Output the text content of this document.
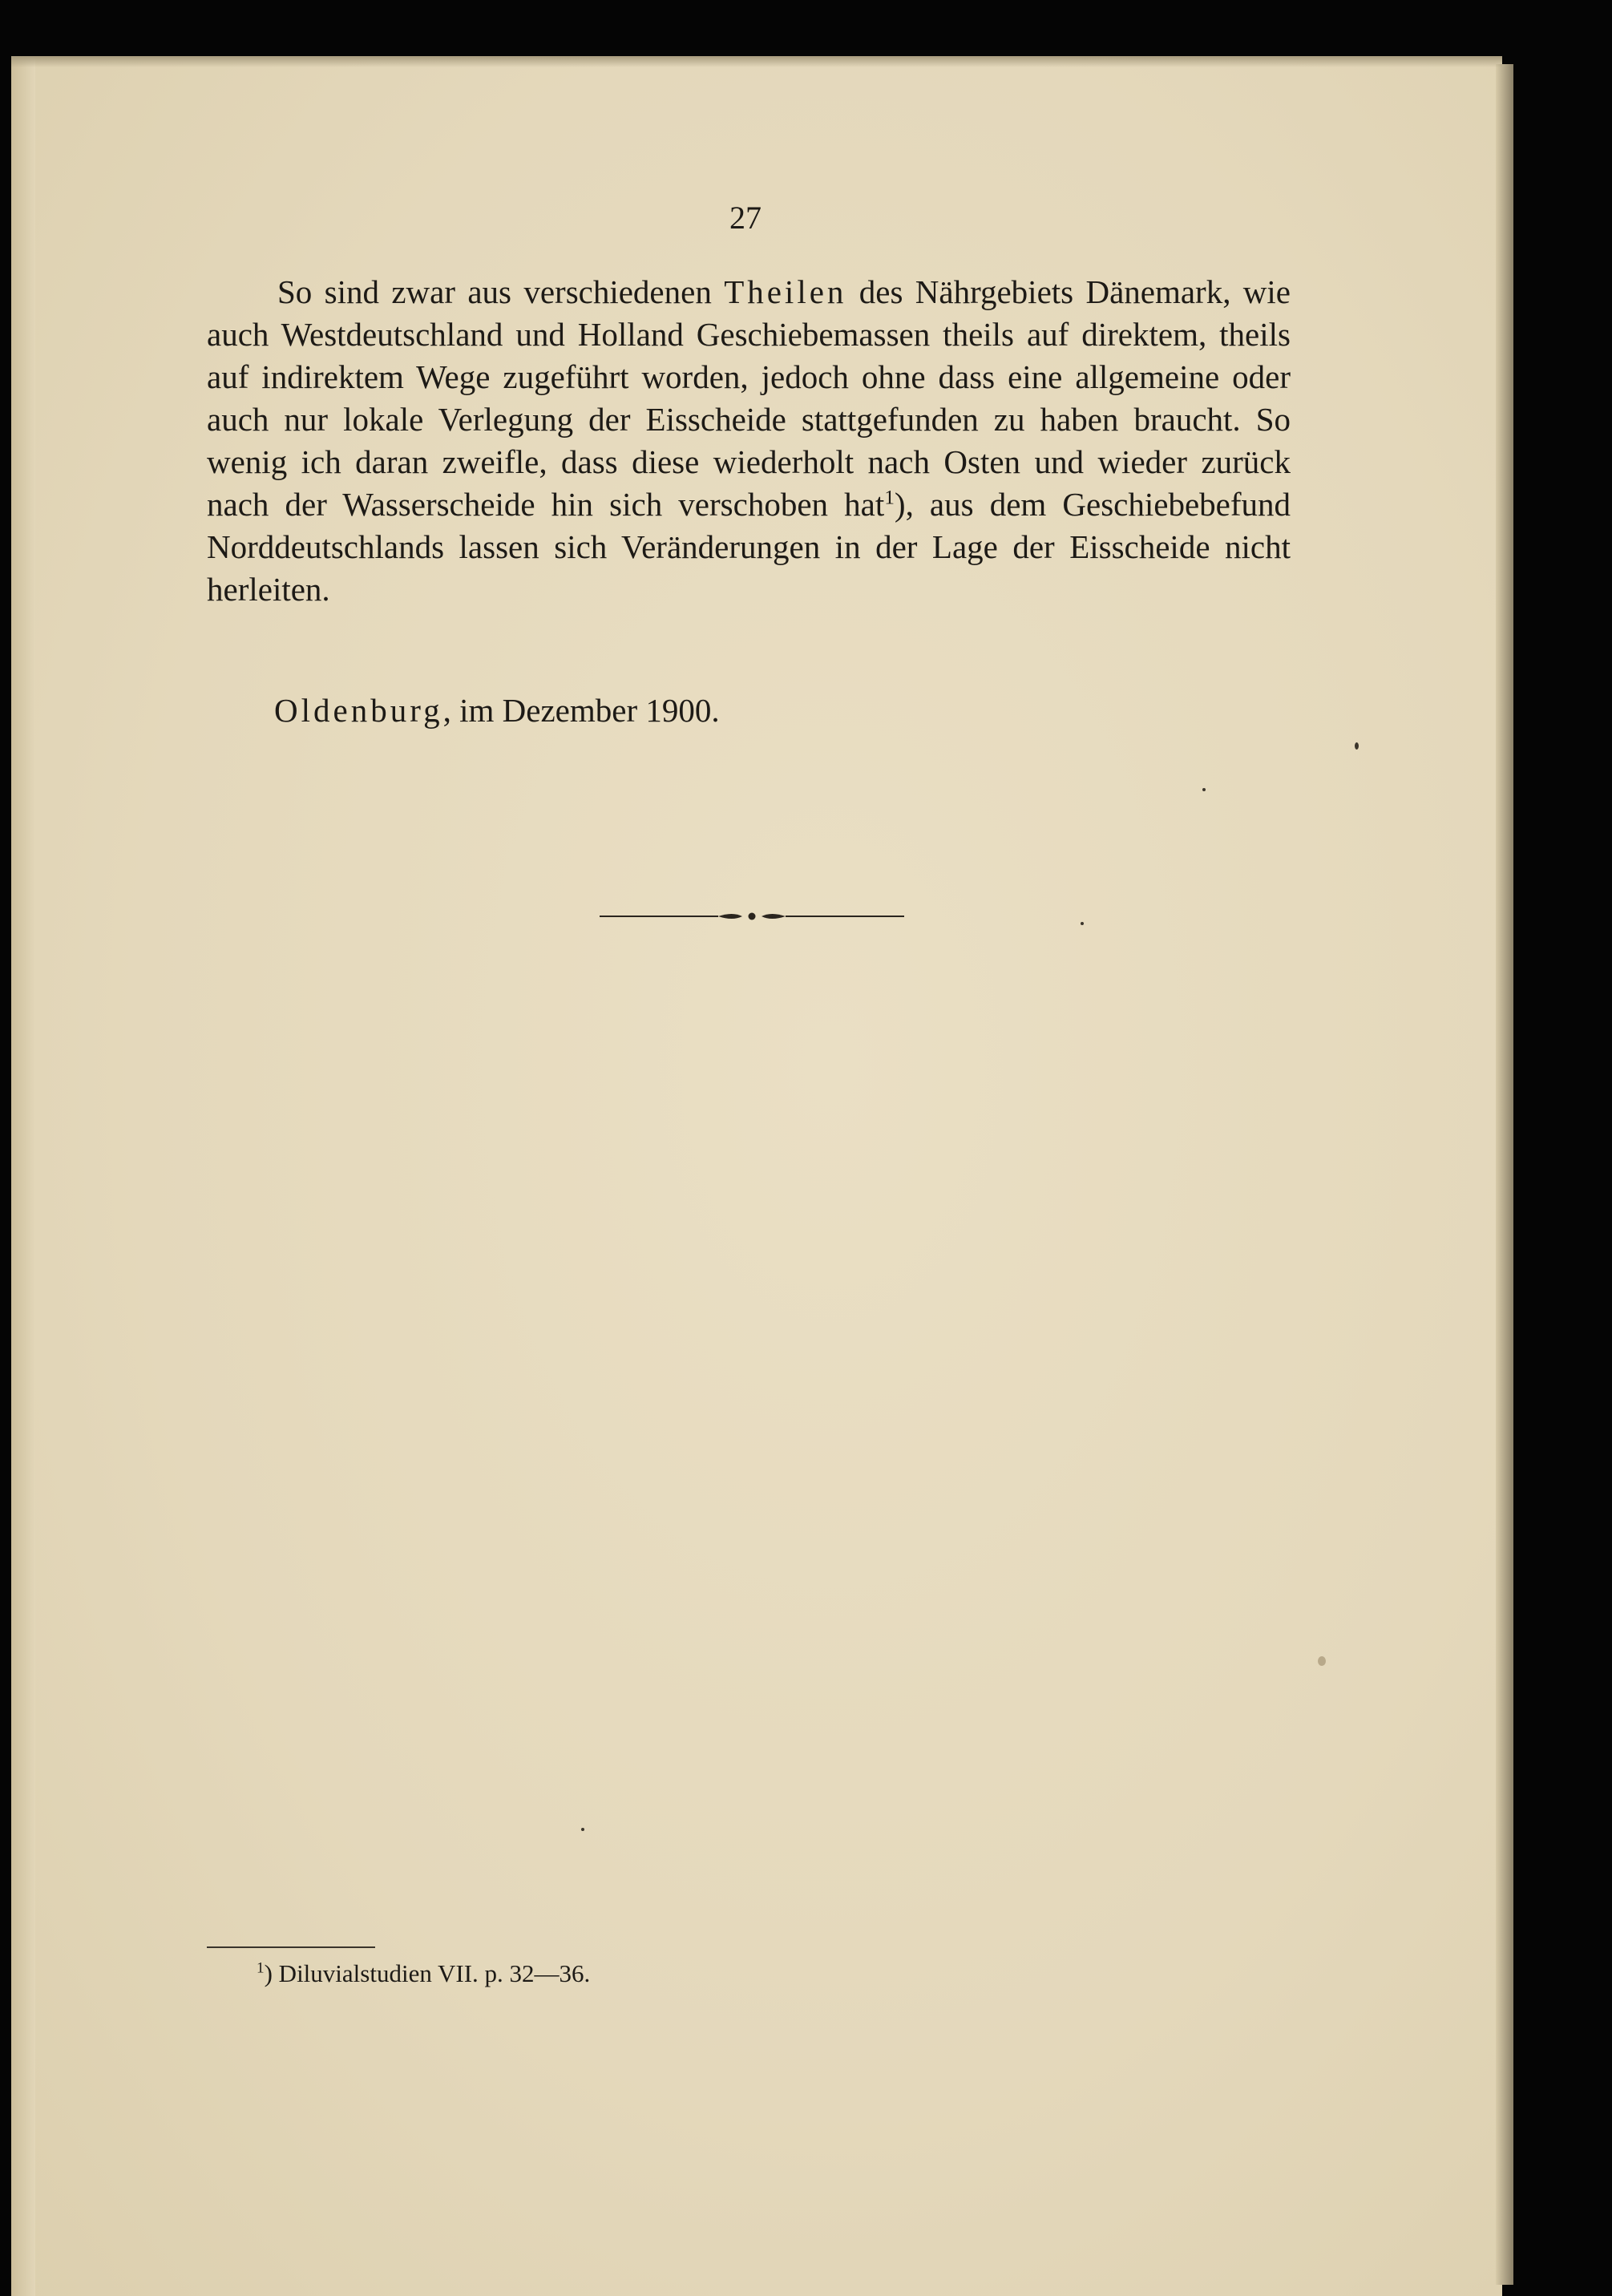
27

So sind zwar aus verschiedenen Theilen des Nährgebiets Dänemark, wie auch Westdeutschland und Holland Geschiebemassen theils auf direktem, theils auf indirektem Wege zugeführt worden, jedoch ohne dass eine allgemeine oder auch nur lokale Verlegung der Eisscheide stattgefunden zu haben braucht. So wenig ich daran zweifle, dass diese wiederholt nach Osten und wieder zurück nach der Wasserscheide hin sich verschoben hat$^1$), aus dem Geschiebebefund Norddeutschlands lassen sich Veränderungen in der Lage der Eisscheide nicht herleiten.

Oldenburg, im Dezember 1900.
$^1$) Diluvialstudien VII. p. 32—36.
